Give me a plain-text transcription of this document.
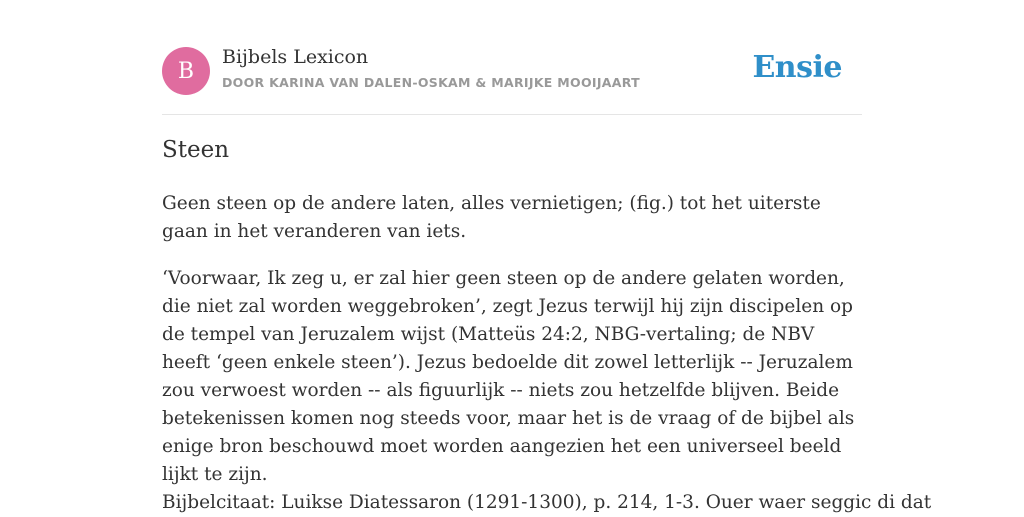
B
Bijbels Lexicon
DOOR KARINA VAN DALEN-OSKAM & MARIJKE MOOIJAART	Ensie
Steen

Geen steen op de andere laten, alles vernietigen; (fig.) tot het uiterste gaan in het veranderen van iets.

‘Voorwaar, Ik zeg u, er zal hier geen steen op de andere gelaten worden, die niet zal worden weggebroken’, zegt Jezus terwijl hij zijn discipelen op de tempel van Jeruzalem wijst (Matteüs 24:2, NBG-vertaling; de NBV heeft ‘geen enkele steen’). Jezus bedoelde dit zowel letterlijk -- Jeruzalem zou verwoest worden -- als figuurlijk -- niets zou hetzelfde blijven. Beide betekenissen komen nog steeds voor, maar het is de vraag of de bijbel als enige bron beschouwd moet worden aangezien het een universeel beeld lijkt te zijn.

Bijbelcitaat: Luikse Diatessaron (1291-1300), p. 214, 1-3. Ouer waer seggic di dat
